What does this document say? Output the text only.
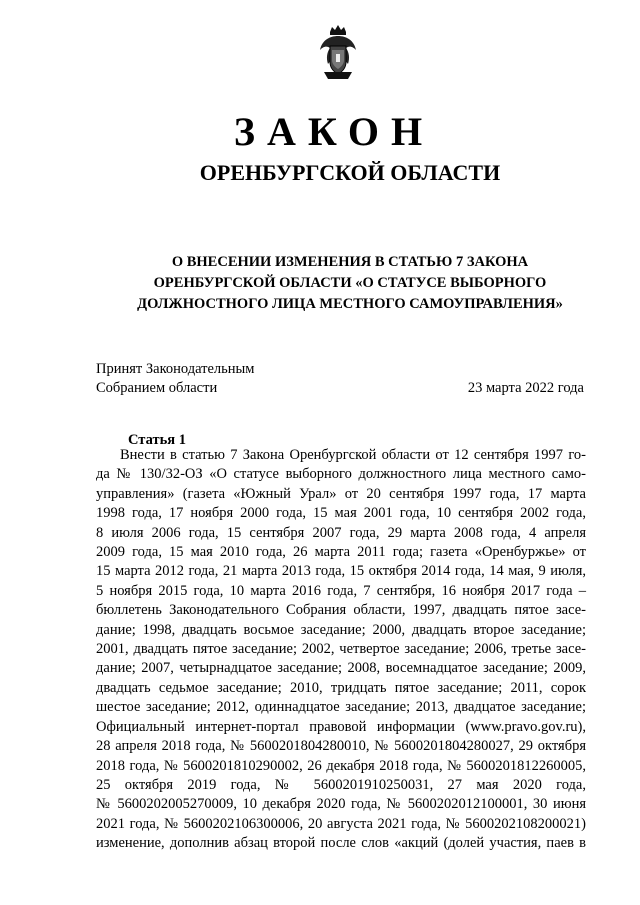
ЗАКОН
ОРЕНБУРГСКОЙ ОБЛАСТИ
О ВНЕСЕНИИ ИЗМЕНЕНИЯ В СТАТЬЮ 7 ЗАКОНА
ОРЕНБУРГСКОЙ ОБЛАСТИ «О СТАТУСЕ ВЫБОРНОГО
ДОЛЖНОСТНОГО ЛИЦА МЕСТНОГО САМОУПРАВЛЕНИЯ»
Принят Законодательным
Собранием области	23 марта 2022 года
Статья 1
Внести в статью 7 Закона Оренбургской области от 12 сентября 1997 го-
да № 130/32-ОЗ «О статусе выборного должностного лица местного само-
управления» (газета «Южный Урал» от 20 сентября 1997 года, 17 марта
1998 года, 17 ноября 2000 года, 15 мая 2001 года, 10 сентября 2002 года,
8 июля 2006 года, 15 сентября 2007 года, 29 марта 2008 года, 4 апреля
2009 года, 15 мая 2010 года, 26 марта 2011 года; газета «Оренбуржье» от
15 марта 2012 года, 21 марта 2013 года, 15 октября 2014 года, 14 мая, 9 июля,
5 ноября 2015 года, 10 марта 2016 года, 7 сентября, 16 ноября 2017 года –
бюллетень Законодательного Собрания области, 1997, двадцать пятое засе-
дание; 1998, двадцать восьмое заседание; 2000, двадцать второе заседание;
2001, двадцать пятое заседание; 2002, четвертое заседание; 2006, третье засе-
дание; 2007, четырнадцатое заседание; 2008, восемнадцатое заседание; 2009,
двадцать седьмое заседание; 2010, тридцать пятое заседание; 2011, сорок
шестое заседание; 2012, одиннадцатое заседание; 2013, двадцатое заседание;
Официальный интернет-портал правовой информации (www.pravo.gov.ru),
28 апреля 2018 года, № 5600201804280010, № 5600201804280027, 29 октября
2018 года, № 5600201810290002, 26 декабря 2018 года, № 5600201812260005,
25 октября 2019 года, № 5600201910250031, 27 мая 2020 года,
№ 5600202005270009, 10 декабря 2020 года, № 5600202012100001, 30 июня
2021 года, № 5600202106300006, 20 августа 2021 года, № 5600202108200021)
изменение, дополнив абзац второй после слов «акций (долей участия, паев в
